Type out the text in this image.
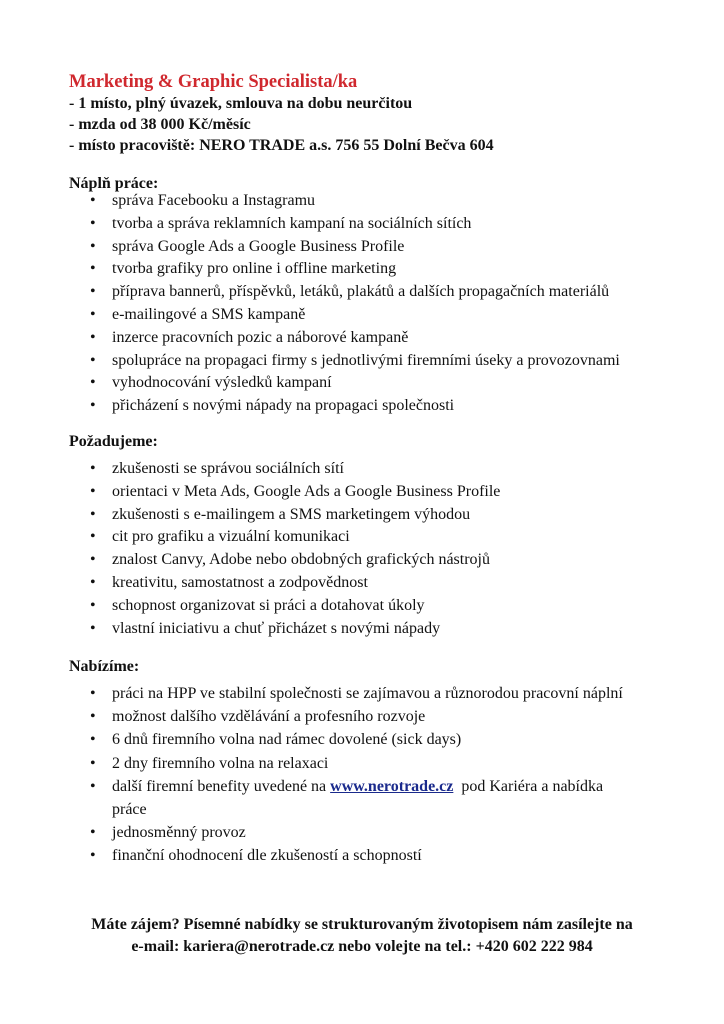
Marketing & Graphic Specialista/ka
- 1 místo, plný úvazek, smlouva na dobu neurčitou
- mzda od 38 000 Kč/měsíc
- místo pracoviště: NERO TRADE a.s. 756 55 Dolní Bečva 604
Náplň práce:
• správa Facebooku a Instagramu
• tvorba a správa reklamních kampaní na sociálních sítích
• správa Google Ads a Google Business Profile
• tvorba grafiky pro online i offline marketing
• příprava bannerů, příspěvků, letáků, plakátů a dalších propagačních materiálů
• e-mailingové a SMS kampaně
• inzerce pracovních pozic a náborové kampaně
• spolupráce na propagaci firmy s jednotlivými firemními úseky a provozovnami
• vyhodnocování výsledků kampaní
• přicházení s novými nápady na propagaci společnosti
Požadujeme:
• zkušenosti se správou sociálních sítí
• orientaci v Meta Ads, Google Ads a Google Business Profile
• zkušenosti s e-mailingem a SMS marketingem výhodou
• cit pro grafiku a vizuální komunikaci
• znalost Canvy, Adobe nebo obdobných grafických nástrojů
• kreativitu, samostatnost a zodpovědnost
• schopnost organizovat si práci a dotahovat úkoly
• vlastní iniciativu a chuť přicházet s novými nápady
Nabízíme:
• práci na HPP ve stabilní společnosti se zajímavou a různorodou pracovní náplní
• možnost dalšího vzdělávání a profesního rozvoje
• 6 dnů firemního volna nad rámec dovolené (sick days)
• 2 dny firemního volna na relaxaci
• další firemní benefity uvedené na www.nerotrade.cz  pod Kariéra a nabídka práce
• jednosměnný provoz
• finanční ohodnocení dle zkušeností a schopností
Máte zájem? Písemné nabídky se strukturovaným životopisem nám zasílejte na
e-mail: kariera@nerotrade.cz nebo volejte na tel.: +420 602 222 984
